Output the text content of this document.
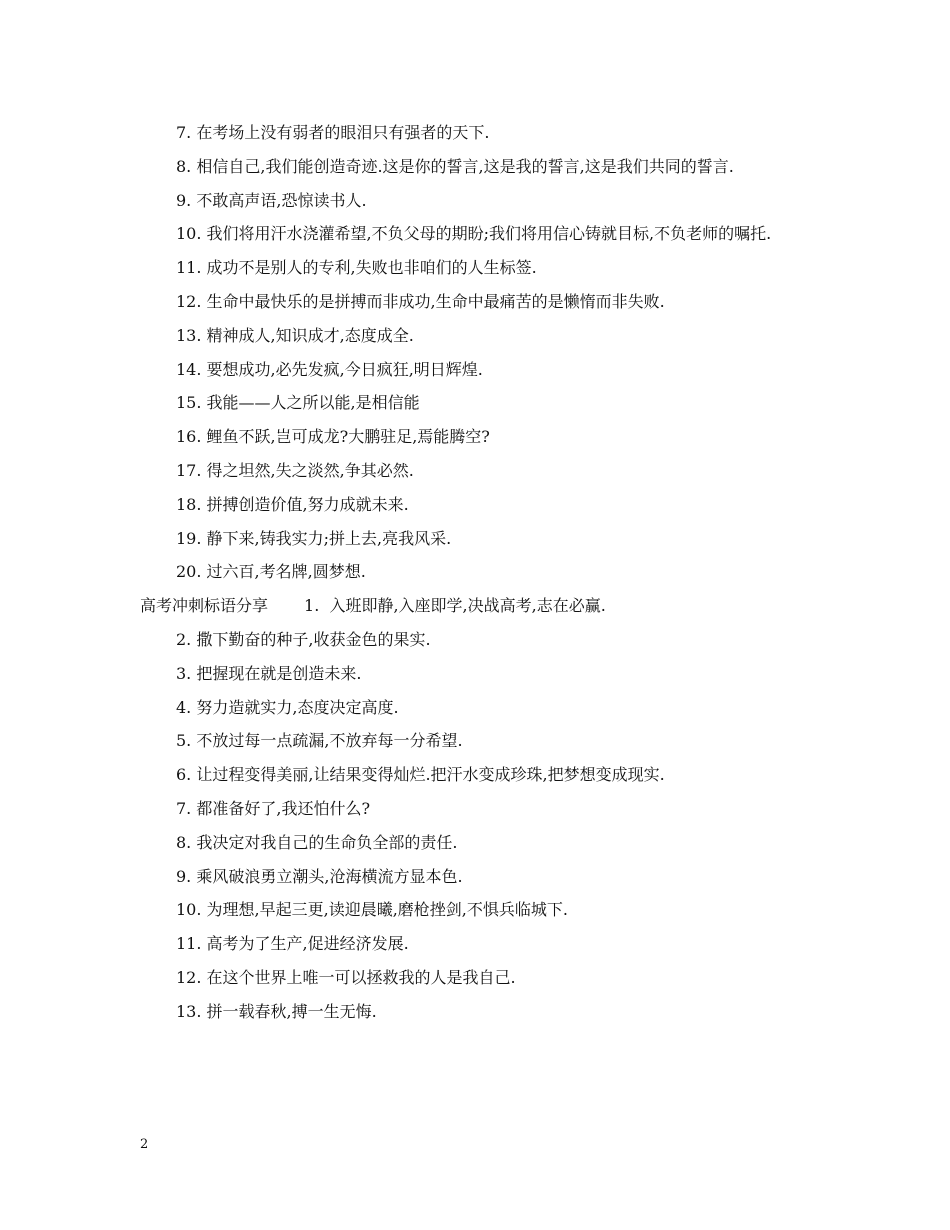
7. 在考场上没有弱者的眼泪只有强者的天下.

8. 相信自己,我们能创造奇迹.这是你的誓言,这是我的誓言,这是我们共同的誓言.

9. 不敢高声语,恐惊读书人.

10. 我们将用汗水浇灌希望,不负父母的期盼;我们将用信心铸就目标,不负老师的嘱托.

11. 成功不是别人的专利,失败也非咱们的人生标签.

12. 生命中最快乐的是拼搏而非成功,生命中最痛苦的是懒惰而非失败.

13. 精神成人,知识成才,态度成全.

14. 要想成功,必先发疯,今日疯狂,明日辉煌.

15. 我能——人之所以能,是相信能

16. 鲤鱼不跃,岂可成龙?大鹏驻足,焉能腾空?

17. 得之坦然,失之淡然,争其必然.

18. 拼搏创造价值,努力成就未来.

19. 静下来,铸我实力;拼上去,亮我风采.

20. 过六百,考名牌,圆梦想.

高考冲刺标语分享 1.  入班即静,入座即学,决战高考,志在必赢.

2. 撒下勤奋的种子,收获金色的果实.

3. 把握现在就是创造未来.

4. 努力造就实力,态度决定高度.

5. 不放过每一点疏漏,不放弃每一分希望.

6. 让过程变得美丽,让结果变得灿烂.把汗水变成珍珠,把梦想变成现实.

7. 都准备好了,我还怕什么?

8. 我决定对我自己的生命负全部的责任.

9. 乘风破浪勇立潮头,沧海横流方显本色.

10. 为理想,早起三更,读迎晨曦,磨枪挫剑,不惧兵临城下.

11. 高考为了生产,促进经济发展.

12. 在这个世界上唯一可以拯救我的人是我自己.

13. 拼一载春秋,搏一生无悔.

2
